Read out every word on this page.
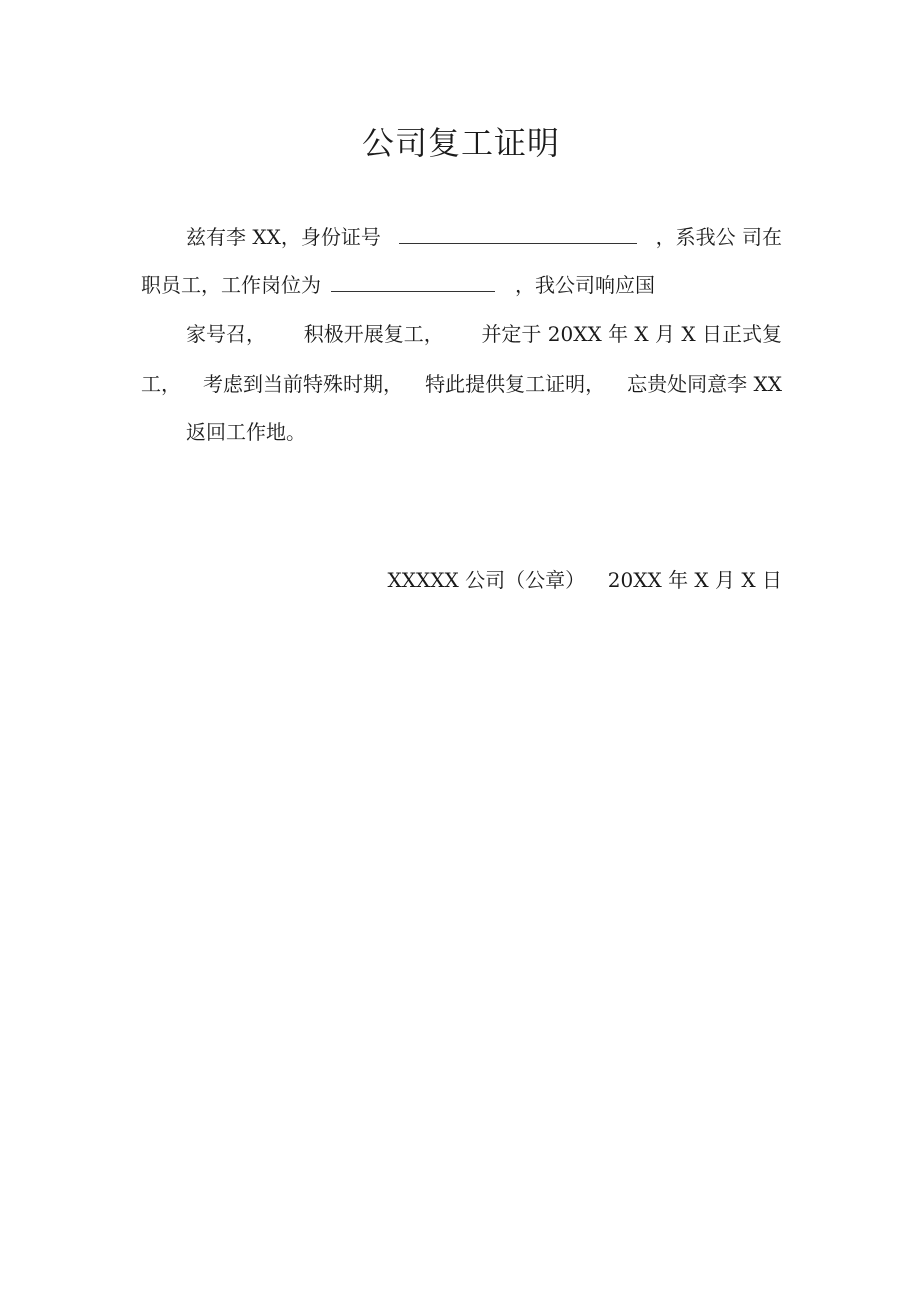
公司复工证明
兹有李 XX，身份证号	，系我公 司在
职员工，工作岗位为	，我公司响应国
家号召， 积极开展复工， 并定于 20XX 年 X 月 X 日正式复
工， 考虑到当前特殊时期， 特此提供复工证明， 忘贵处同意李 XX
返回工作地。
XXXXX 公司（公章） 20XX 年 X 月 X 日
